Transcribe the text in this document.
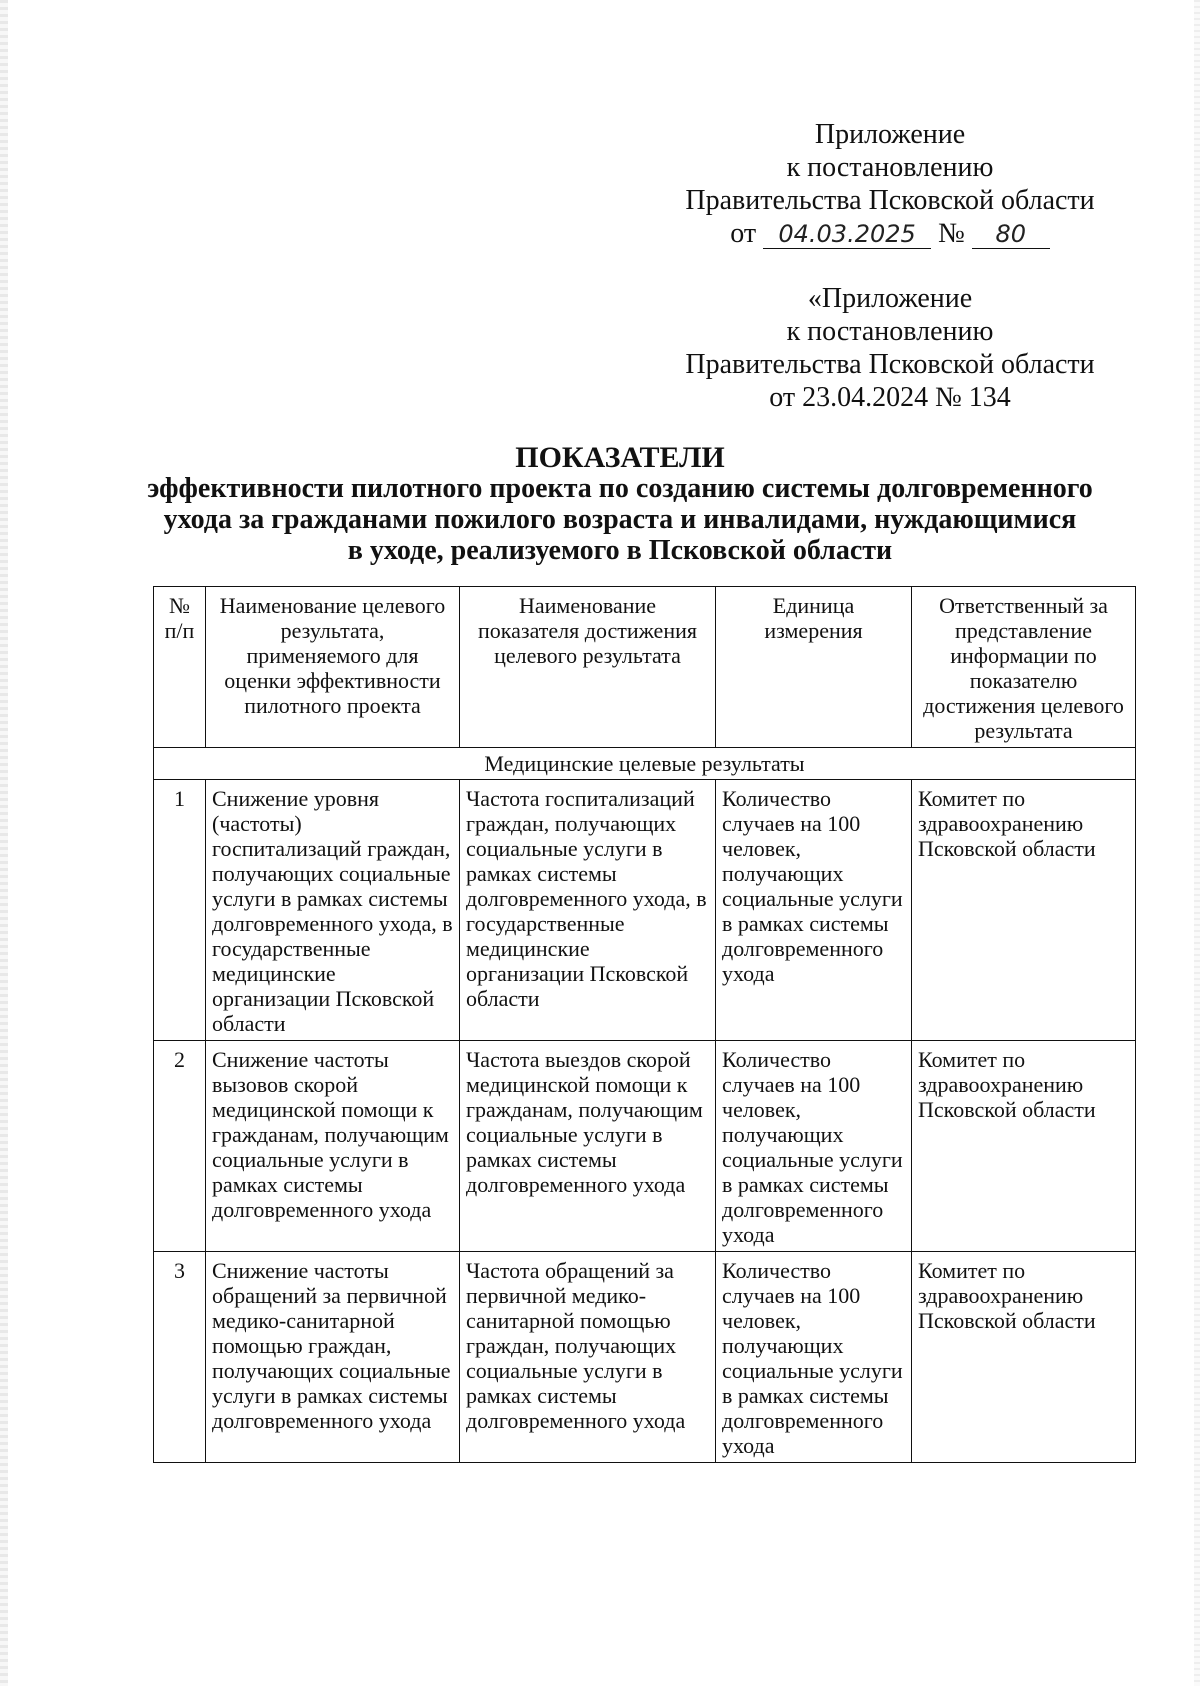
Приложение
к постановлению
Правительства Псковской области
от 04.03.2025 № 80
«Приложение
к постановлению
Правительства Псковской области
от 23.04.2024 № 134
ПОКАЗАТЕЛИ
эффективности пилотного проекта по созданию системы долговременного
ухода за гражданами пожилого возраста и инвалидами, нуждающимися
в уходе, реализуемого в Псковской области
№ п/п	Наименование целевого результата, применяемого для оценки эффективности пилотного проекта	Наименование показателя достижения целевого результата	Единица измерения	Ответственный за представление информации по показателю достижения целевого результата
Медицинские целевые результаты				
1	Снижение уровня (частоты) госпитализаций граждан, получающих социальные услуги в рамках системы долговременного ухода, в государственные медицинские организации Псковской области	Частота госпитализаций граждан, получающих социальные услуги в рамках системы долговременного ухода, в государственные медицинские организации Псковской области	Количество случаев на 100 человек, получающих социальные услуги в рамках системы долговременного ухода	Комитет по здравоохранению Псковской области
2	Снижение частоты вызовов скорой медицинской помощи к гражданам, получающим социальные услуги в рамках системы долговременного ухода	Частота выездов скорой медицинской помощи к гражданам, получающим социальные услуги в рамках системы долговременного ухода	Количество случаев на 100 человек, получающих социальные услуги в рамках системы долговременного ухода	Комитет по здравоохранению Псковской области
3	Снижение частоты обращений за первичной медико-санитарной помощью граждан, получающих социальные услуги в рамках системы долговременного ухода	Частота обращений за первичной медико-санитарной помощью граждан, получающих социальные услуги в рамках системы долговременного ухода	Количество случаев на 100 человек, получающих социальные услуги в рамках системы долговременного ухода	Комитет по здравоохранению Псковской области
